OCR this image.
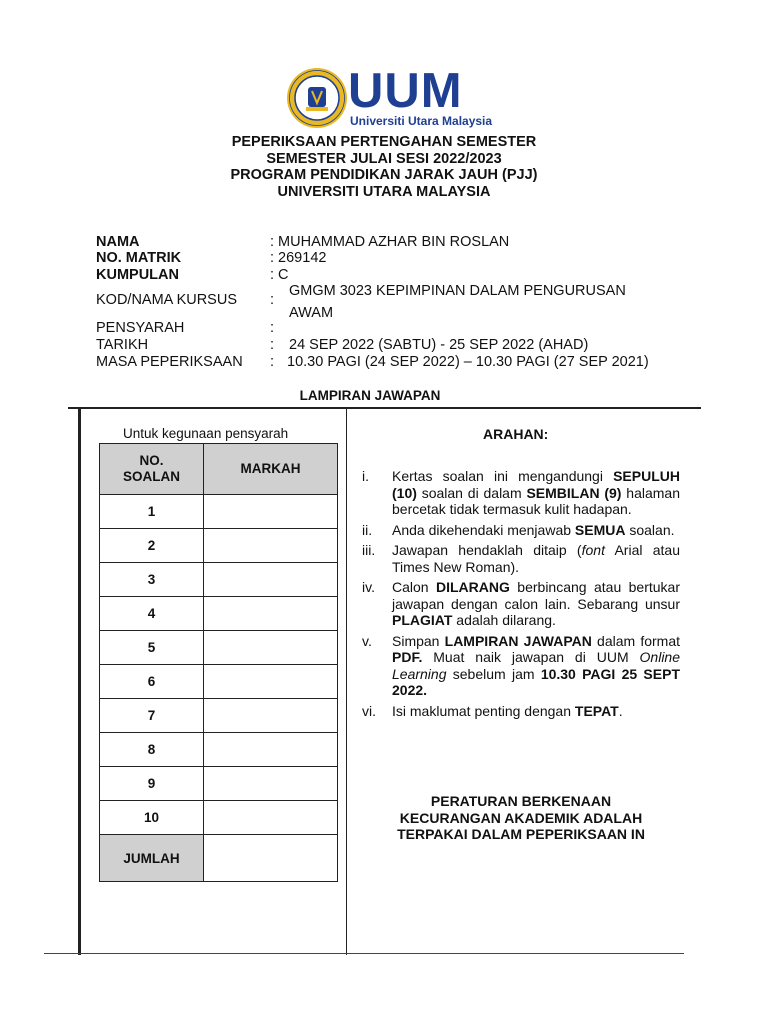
UUM
Universiti Utara Malaysia
PEPERIKSAAN PERTENGAHAN SEMESTER
SEMESTER JULAI SESI 2022/2023
PROGRAM PENDIDIKAN JARAK JAUH (PJJ)
UNIVERSITI UTARA MALAYSIA
NAMA	: MUHAMMAD AZHAR BIN ROSLAN
NO. MATRIK	: 269142
KUMPULAN	: C
KOD/NAMA KURSUS :
GMGM 3023 KEPIMPINAN DALAM PENGURUSAN
AWAM
PENSYARAH	:
TARIKH	: 24 SEP 2022 (SABTU) - 25 SEP 2022 (AHAD)
MASA PEPERIKSAAN : 10.30 PAGI (24 SEP 2022) – 10.30 PAGI (27 SEP 2021)
LAMPIRAN JAWAPAN
Untuk kegunaan pensyarah
NO.
SOALAN	MARKAH
1	
2	
3	
4	
5	
6	
7	
8	
9	
10	
JUMLAH	
ARAHAN:
i.	Kertas soalan ini mengandungi SEPULUH (10) soalan di dalam SEMBILAN (9) halaman bercetak tidak termasuk kulit hadapan.
ii.	Anda dikehendaki menjawab SEMUA soalan.
iii.	Jawapan hendaklah ditaip (font Arial atau Times New Roman).
iv.	Calon DILARANG berbincang atau bertukar jawapan dengan calon lain. Sebarang unsur PLAGIAT adalah dilarang.
v.	Simpan LAMPIRAN JAWAPAN dalam format PDF. Muat naik jawapan di UUM Online Learning sebelum jam 10.30 PAGI 25 SEPT 2022.
vi.	Isi maklumat penting dengan TEPAT.
PERATURAN BERKENAAN
KECURANGAN AKADEMIK ADALAH
TERPAKAI DALAM PEPERIKSAAN IN
